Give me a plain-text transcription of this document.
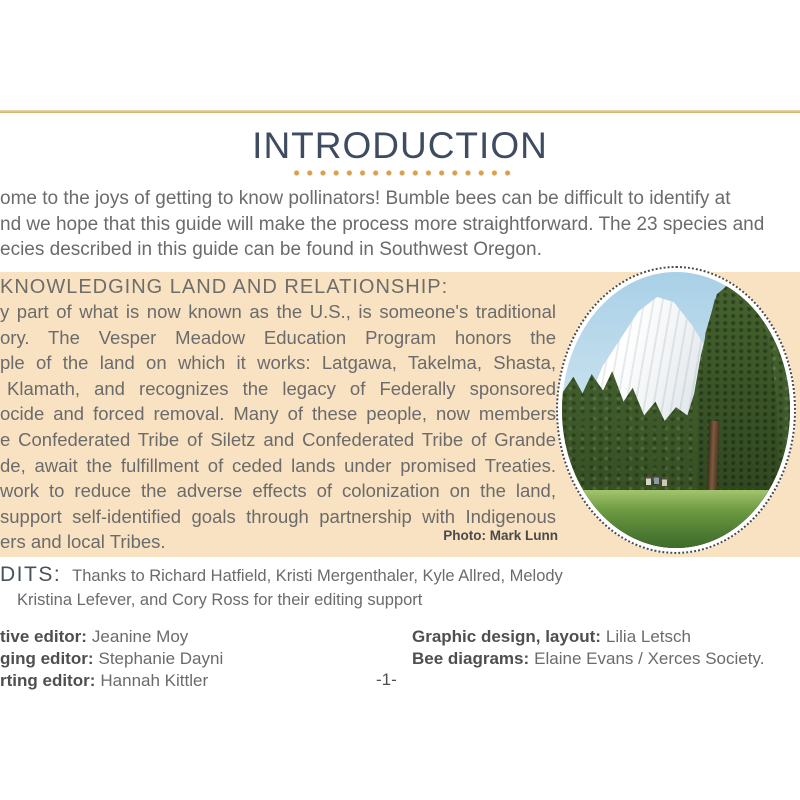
INTRODUCTION
ome to the joys of getting to know pollinators! Bumble bees can be difficult to identify at
nd we hope that this guide will make the process more straightforward. The 23 species and
ecies described in this guide can be found in Southwest Oregon.
KNOWLEDGING LAND AND RELATIONSHIP:
y part of what is now known as the U.S., is someone's traditional
ory. The Vesper Meadow Education Program honors the
ple of the land on which it works: Latgawa, Takelma, Shasta,
Klamath, and recognizes the legacy of Federally sponsored
ocide and forced removal. Many of these people, now members
e Confederated Tribe of Siletz and Confederated Tribe of Grande
de, await the fulfillment of ceded lands under promised Treaties.
work to reduce the adverse effects of colonization on the land,
support self-identified goals through partnership with Indigenous
ers and local Tribes.	Photo: Mark Lunn
DITS: Thanks to Richard Hatfield, Kristi Mergenthaler, Kyle Allred, Melody
Kristina Lefever, and Cory Ross for their editing support
tive editor: Jeanine Moy
ging editor: Stephanie Dayni
rting editor: Hannah Kittler
Graphic design, layout: Lilia Letsch
Bee diagrams: Elaine Evans / Xerces Society.
-1-
